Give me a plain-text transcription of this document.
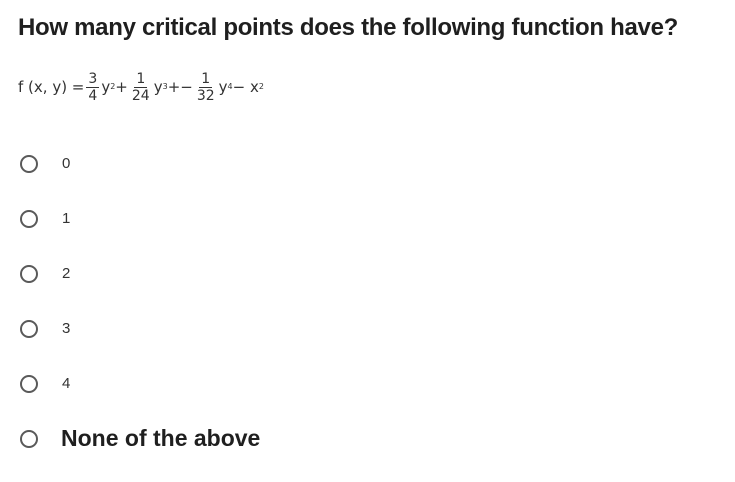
How many critical points does the following function have?
f (x, $y) = \frac{3}{4}$ y $2 + \frac{1}{24}$ y $3 +- \frac{1}{32}$ y 4 − x 2
0
1
2
3
4
None of the above
